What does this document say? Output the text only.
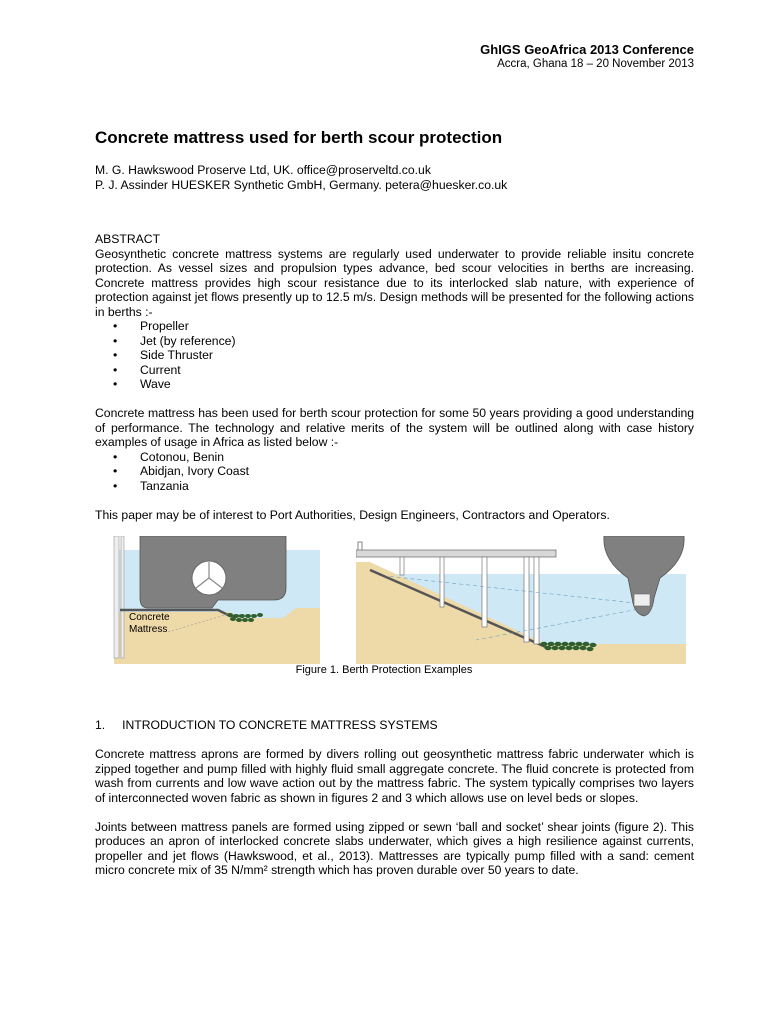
GhIGS GeoAfrica 2013 Conference
Accra, Ghana 18 – 20 November 2013
Concrete mattress used for berth scour protection
M. G. Hawkswood Proserve Ltd, UK. office@proserveltd.co.uk
P. J. Assinder HUESKER Synthetic GmbH, Germany. petera@huesker.co.uk
ABSTRACT
Geosynthetic concrete mattress systems are regularly used underwater to provide reliable insitu concrete protection. As vessel sizes and propulsion types advance, bed scour velocities in berths are increasing. Concrete mattress provides high scour resistance due to its interlocked slab nature, with experience of protection against jet flows presently up to 12.5 m/s. Design methods will be presented for the following actions in berths :-
• Propeller
• Jet (by reference)
• Side Thruster
• Current
• Wave
Concrete mattress has been used for berth scour protection for some 50 years providing a good understanding of performance. The technology and relative merits of the system will be outlined along with case history examples of usage in Africa as listed below :-
• Cotonou, Benin
• Abidjan, Ivory Coast
• Tanzania
This paper may be of interest to Port Authorities, Design Engineers, Contractors and Operators.
Concrete
Mattress
Figure 1. Berth Protection Examples
1.     INTRODUCTION TO CONCRETE MATTRESS SYSTEMS
Concrete mattress aprons are formed by divers rolling out geosynthetic mattress fabric underwater which is zipped together and pump filled with highly fluid small aggregate concrete. The fluid concrete is protected from wash from currents and low wave action out by the mattress fabric. The system typically comprises two layers of interconnected woven fabric as shown in figures 2 and 3 which allows use on level beds or slopes.
Joints between mattress panels are formed using zipped or sewn ‘ball and socket’ shear joints (figure 2). This produces an apron of interlocked concrete slabs underwater, which gives a high resilience against currents, propeller and jet flows (Hawkswood, et al., 2013). Mattresses are typically pump filled with a sand: cement micro concrete mix of 35 N/mm² strength which has proven durable over 50 years to date.
